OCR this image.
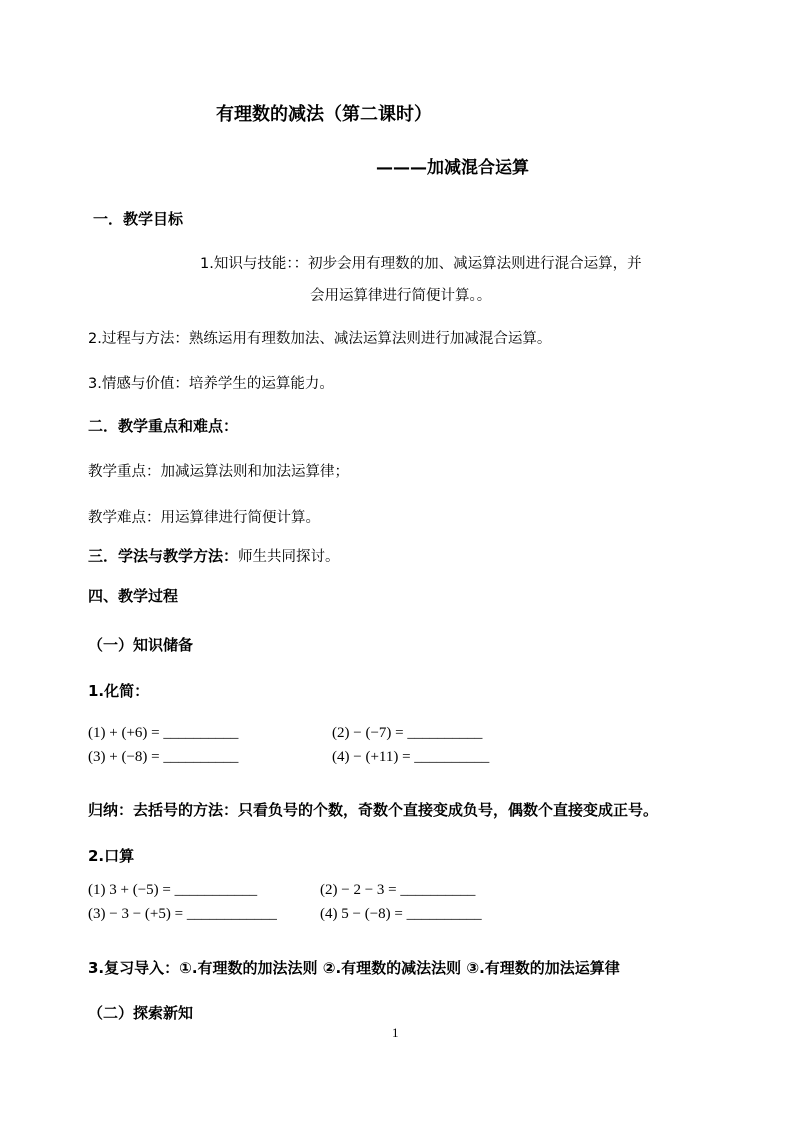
有理数的减法（第二课时）
———加减混合运算
一．教学目标
1.知识与技能：：初步会用有理数的加、减运算法则进行混合运算，并
会用运算律进行简便计算。。
2.过程与方法：熟练运用有理数加法、减法运算法则进行加减混合运算。
3.情感与价值：培养学生的运算能力。
二．教学重点和难点：
教学重点：加减运算法则和加法运算律；
教学难点：用运算律进行简便计算。
三．学法与教学方法：师生共同探讨。
四、教学过程
（一）知识储备
1.化简：
(1) + (+6) = __________	(2) − (−7) = __________
(3) + (−8) = __________	(4) − (+11) = __________
归纳：去括号的方法：只看负号的个数，奇数个直接变成负号，偶数个直接变成正号。
2.口算
(1) 3 + (−5) = ___________	(2) − 2 − 3 = __________
(3) − 3 − (+5) = ____________	(4) 5 − (−8) = __________
3.复习导入：①.有理数的加法法则 ②.有理数的减法法则 ③.有理数的加法运算律
（二）探索新知
1
